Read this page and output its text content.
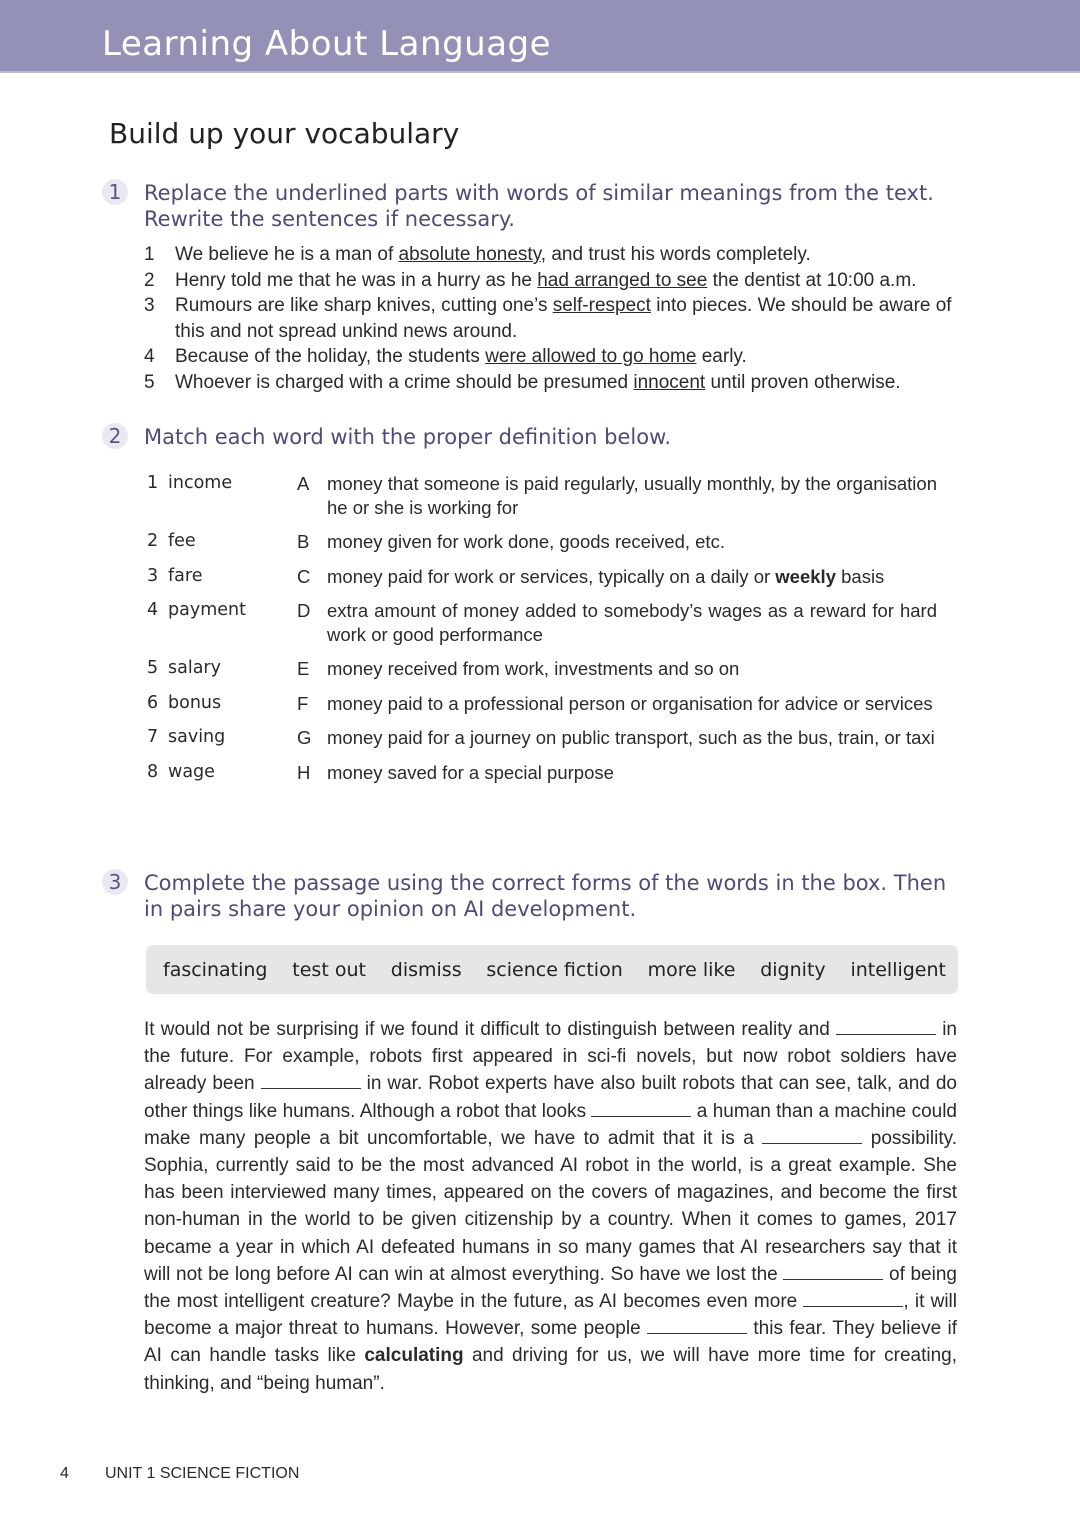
Learning About Language
Build up your vocabulary
1	Replace the underlined parts with words of similar meanings from the text. Rewrite the sentences if necessary.
1	We believe he is a man of absolute honesty, and trust his words completely.
2	Henry told me that he was in a hurry as he had arranged to see the dentist at 10:00 a.m.
3	Rumours are like sharp knives, cutting one’s self-respect into pieces. We should be aware of this and not spread unkind news around.
4	Because of the holiday, the students were allowed to go home early.
5	Whoever is charged with a crime should be presumed innocent until proven otherwise.
2	Match each word with the proper definition below.
1 income	A money that someone is paid regularly, usually monthly, by the organisation he or she is working for
2 fee	B money given for work done, goods received, etc.
3 fare	C money paid for work or services, typically on a daily or weekly basis
4 payment	D extra amount of money added to somebody’s wages as a reward for hard work or good performance
5 salary	E money received from work, investments and so on
6 bonus	F	money paid to a professional person or organisation for advice or services
7 saving	G money paid for a journey on public transport, such as the bus, train, or taxi
8 wage	H money saved for a special purpose
3	Complete the passage using the correct forms of the words in the box. Then in pairs share your opinion on AI development.
fascinating test out dismiss science fiction more like dignity intelligent
It would not be surprising if we found it difficult to distinguish between reality and	in the future. For example, robots first appeared in sci-fi novels, but now robot soldiers have already been	in war. Robot experts have also built robots that can see, talk, and do other things like humans. Although a robot that looks	a human than a machine could make many people a bit uncomfortable, we have to admit that it is a	possibility. Sophia, currently said to be the most advanced AI robot in the world, is a great example. She has been interviewed many times, appeared on the covers of magazines, and become the first non-human in the world to be given citizenship by a country. When it comes to games, 2017 became a year in which AI defeated humans in so many games that AI researchers say that it will not be long before AI can win at almost everything. So have we lost the	of being the most intelligent creature? Maybe in the future, as AI becomes even more	, it will become a major threat to humans. However, some people	this fear. They believe if AI can handle tasks like calculating and driving for us, we will have more time for creating, thinking, and “being human”.
4 UNIT 1 SCIENCE FICTION
